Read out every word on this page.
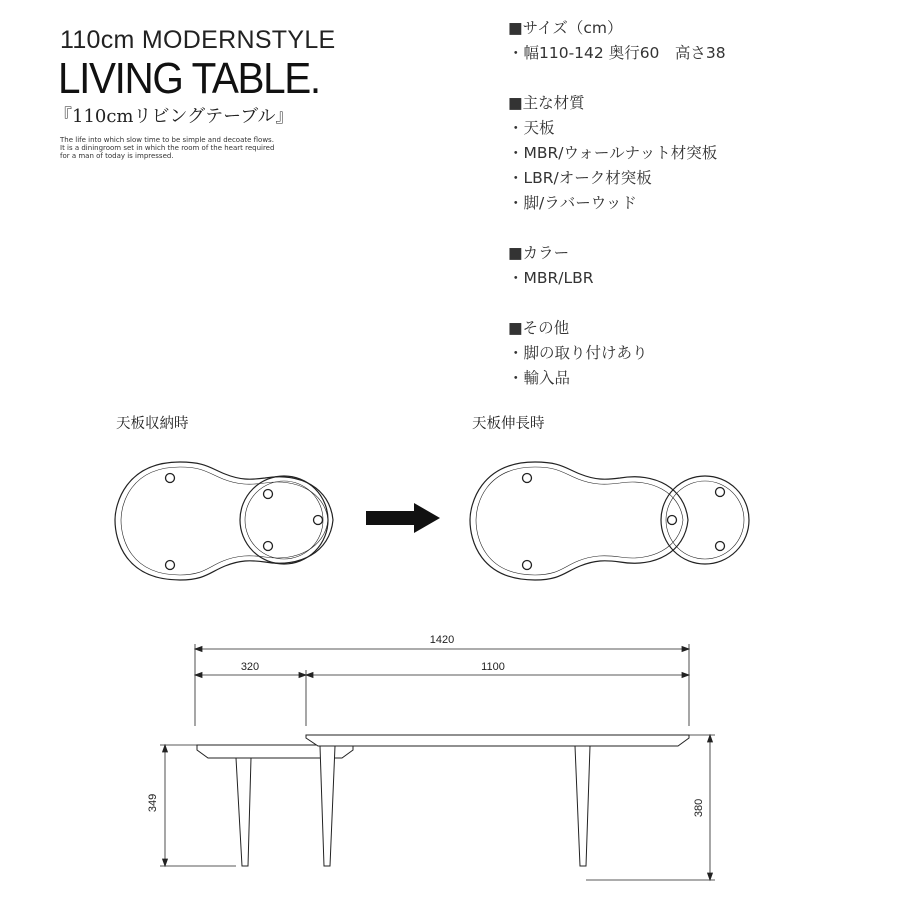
110cm MODERNSTYLE
LIVING TABLE.
『110cmリビングテーブル』

The life into which slow time to be simple and decoate flows.
It is a diningroom set in which the room of the heart required
for a man of today is impressed.

■サイズ（cm）
・幅110-142 奥行60　高さ38
■主な材質
・天板
・MBR/ウォールナット材突板
・LBR/オーク材突板
・脚/ラバーウッド
■カラー
・MBR/LBR
■その他
・脚の取り付けあり
・輸入品
天板収納時	天板伸長時
1420
320	1100
349	380
